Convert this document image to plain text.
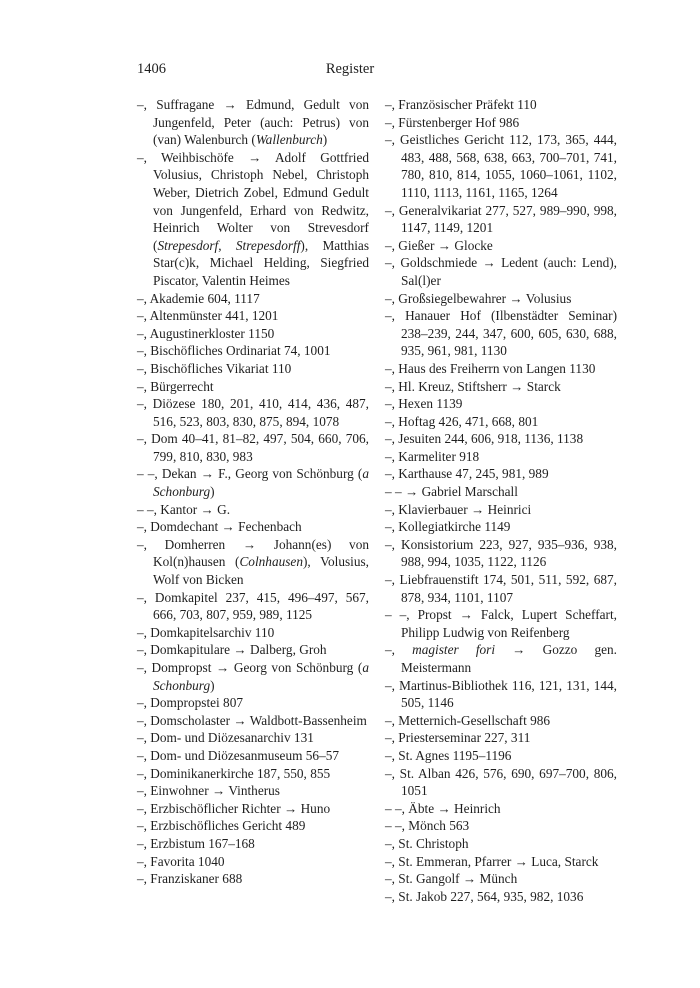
1406	Register

–, Suffragane → Edmund, Gedult von Jungenfeld, Peter (auch: Petrus) von (van) Walenburch (Wallenburch)

–, Weihbischöfe → Adolf Gottfried Volusius, Christoph Nebel, Christoph Weber, Dietrich Zobel, Edmund Gedult von Jungenfeld, Erhard von Redwitz, Heinrich Wolter von Strevesdorf (Strepesdorf, Strepesdorff), Matthias Star(c)k, Michael Helding, Siegfried Piscator, Valentin Heimes

–, Akademie 604, 1117

–, Altenmünster 441, 1201

–, Augustinerkloster 1150

–, Bischöfliches Ordinariat 74, 1001

–, Bischöfliches Vikariat 110

–, Bürgerrecht

–, Diözese 180, 201, 410, 414, 436, 487, 516, 523, 803, 830, 875, 894, 1078

–, Dom 40–41, 81–82, 497, 504, 660, 706, 799, 810, 830, 983

– –, Dekan → F., Georg von Schönburg (a Schonburg)

– –, Kantor → G.

–, Domdechant → Fechenbach

–, Domherren → Johann(es) von Kol(n)hausen (Colnhausen), Volusius, Wolf von Bicken

–, Domkapitel 237, 415, 496–497, 567, 666, 703, 807, 959, 989, 1125

–, Domkapitelsarchiv 110

–, Domkapitulare → Dalberg, Groh

–, Dompropst → Georg von Schönburg (a Schonburg)

–, Dompropstei 807

–, Domscholaster → Waldbott-Bassenheim

–, Dom- und Diözesanarchiv 131

–, Dom- und Diözesanmuseum 56–57

–, Dominikanerkirche 187, 550, 855

–, Einwohner → Vintherus

–, Erzbischöflicher Richter → Huno

–, Erzbischöfliches Gericht 489

–, Erzbistum 167–168

–, Favorita 1040

–, Franziskaner 688

–, Französischer Präfekt 110

–, Fürstenberger Hof 986

–, Geistliches Gericht 112, 173, 365, 444, 483, 488, 568, 638, 663, 700–701, 741, 780, 810, 814, 1055, 1060–1061, 1102, 1110, 1113, 1161, 1165, 1264

–, Generalvikariat 277, 527, 989–990, 998, 1147, 1149, 1201

–, Gießer → Glocke

–, Goldschmiede → Ledent (auch: Lend), Sal(l)er

–, Großsiegelbewahrer → Volusius

–, Hanauer Hof (Ilbenstädter Seminar) 238–239, 244, 347, 600, 605, 630, 688, 935, 961, 981, 1130

–, Haus des Freiherrn von Langen 1130

–, Hl. Kreuz, Stiftsherr → Starck

–, Hexen 1139

–, Hoftag 426, 471, 668, 801

–, Jesuiten 244, 606, 918, 1136, 1138

–, Karmeliter 918

–, Karthause 47, 245, 981, 989

– – → Gabriel Marschall

–, Klavierbauer → Heinrici

–, Kollegiatkirche 1149

–, Konsistorium 223, 927, 935–936, 938, 988, 994, 1035, 1122, 1126

–, Liebfrauenstift 174, 501, 511, 592, 687, 878, 934, 1101, 1107

– –, Propst → Falck, Lupert Scheffart, Philipp Ludwig von Reifenberg

–, magister fori → Gozzo gen. Meistermann

–, Martinus-Bibliothek 116, 121, 131, 144, 505, 1146

–, Metternich-Gesellschaft 986

–, Priesterseminar 227, 311

–, St. Agnes 1195–1196

–, St. Alban 426, 576, 690, 697–700, 806, 1051

– –, Äbte → Heinrich

– –, Mönch 563

–, St. Christoph

–, St. Emmeran, Pfarrer → Luca, Starck

–, St. Gangolf → Münch

–, St. Jakob 227, 564, 935, 982, 1036
